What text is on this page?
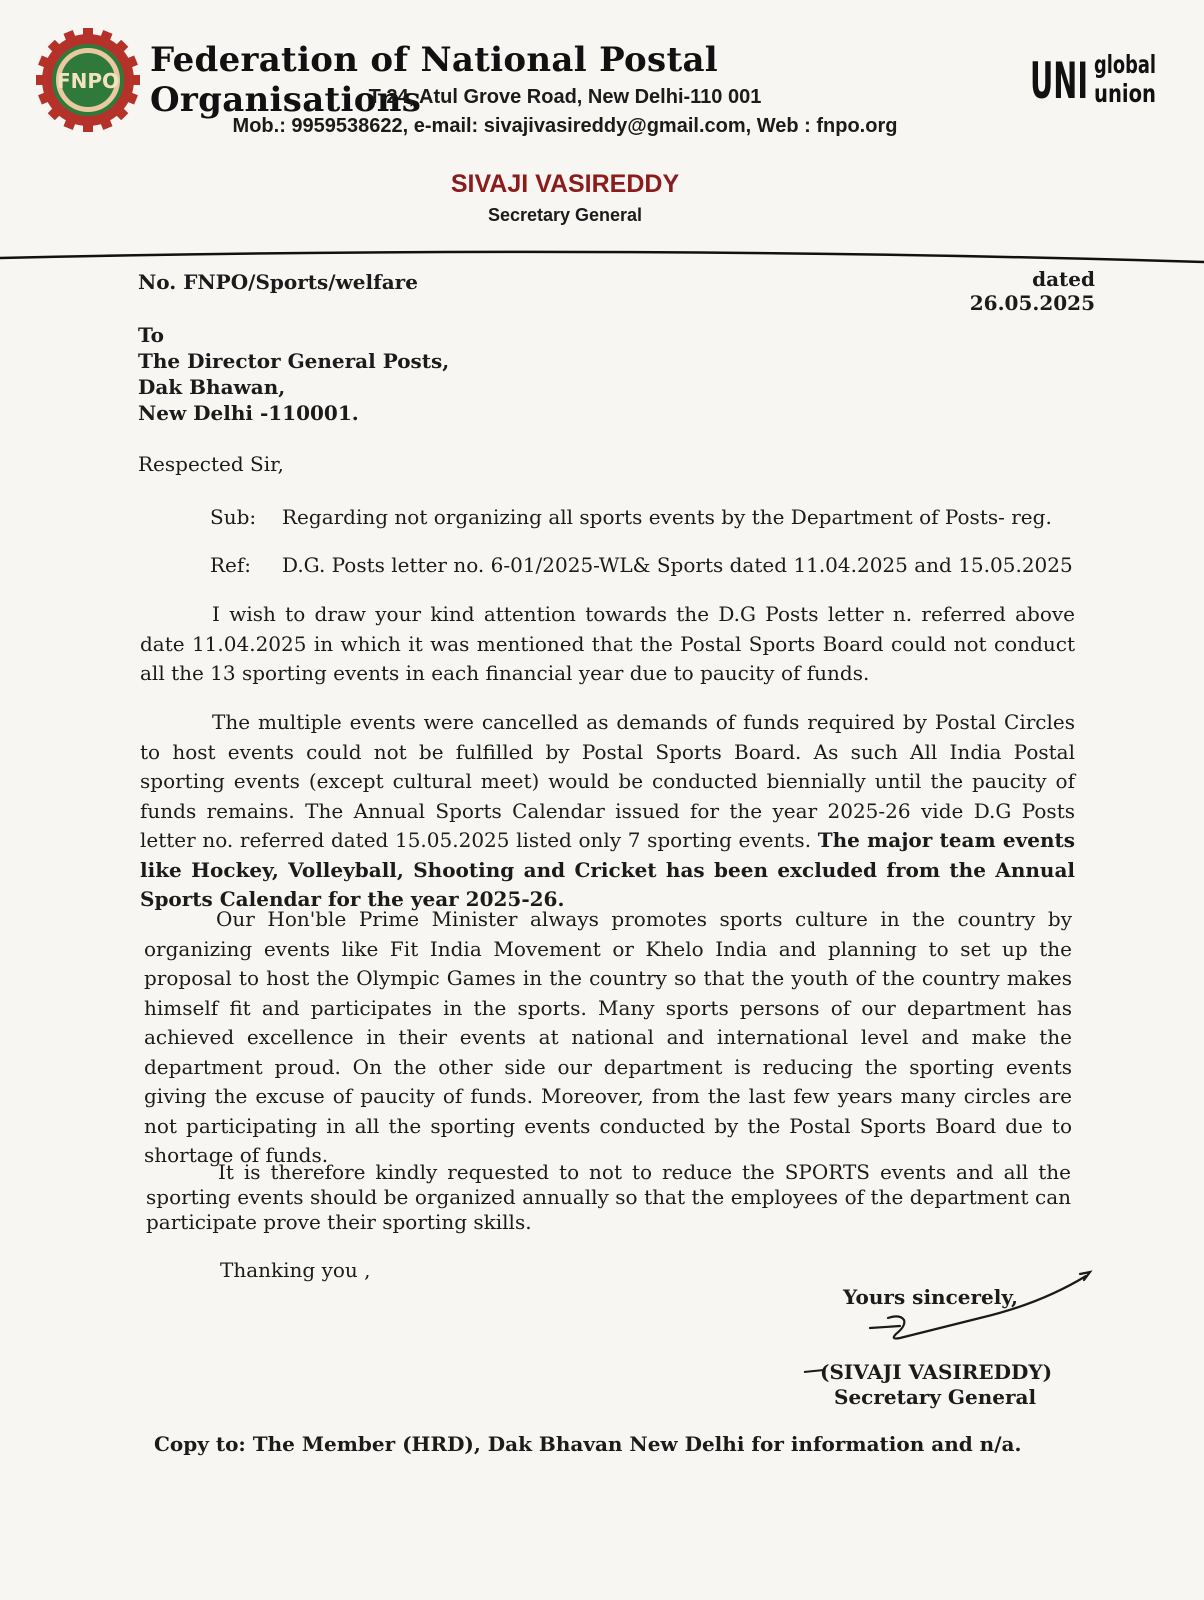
FNPO
Federation of National Postal Organisations
T-24, Atul Grove Road, New Delhi-110 001
Mob.: 9959538622, e-mail: sivajivasireddy@gmail.com, Web : fnpo.org
UNI global
union
SIVAJI VASIREDDY
Secretary General
No. FNPO/Sports/welfare	dated 26.05.2025
To
The Director General Posts,
Dak Bhawan,
New Delhi -110001.
Respected Sir,
Sub: Regarding not organizing all sports events by the Department of Posts- reg.
Ref: D.G. Posts letter no. 6-01/2025-WL& Sports dated 11.04.2025 and 15.05.2025

I wish to draw your kind attention towards the D.G Posts letter n. referred above date 11.04.2025 in which it was mentioned that the Postal Sports Board could not conduct all the 13 sporting events in each financial year due to paucity of funds.

The multiple events were cancelled as demands of funds required by Postal Circles to host events could not be fulfilled by Postal Sports Board. As such All India Postal sporting events (except cultural meet) would be conducted biennially until the paucity of funds remains. The Annual Sports Calendar issued for the year 2025-26 vide D.G Posts letter no. referred dated 15.05.2025 listed only 7 sporting events. The major team events like Hockey, Volleyball, Shooting and Cricket has been excluded from the Annual Sports Calendar for the year 2025-26.

Our Hon'ble Prime Minister always promotes sports culture in the country by organizing events like Fit India Movement or Khelo India and planning to set up the proposal to host the Olympic Games in the country so that the youth of the country makes himself fit and participates in the sports. Many sports persons of our department has achieved excellence in their events at national and international level and make the department proud. On the other side our department is reducing the sporting events giving the excuse of paucity of funds. Moreover, from the last few years many circles are not participating in all the sporting events conducted by the Postal Sports Board due to shortage of funds.

It is therefore kindly requested to not to reduce the SPORTS events and all the sporting events should be organized annually so that the employees of the department can participate prove their sporting skills.

Thanking you ,
Yours sincerely,
(SIVAJI VASIREDDY)
Secretary General
Copy to: The Member (HRD), Dak Bhavan New Delhi for information and n/a.
